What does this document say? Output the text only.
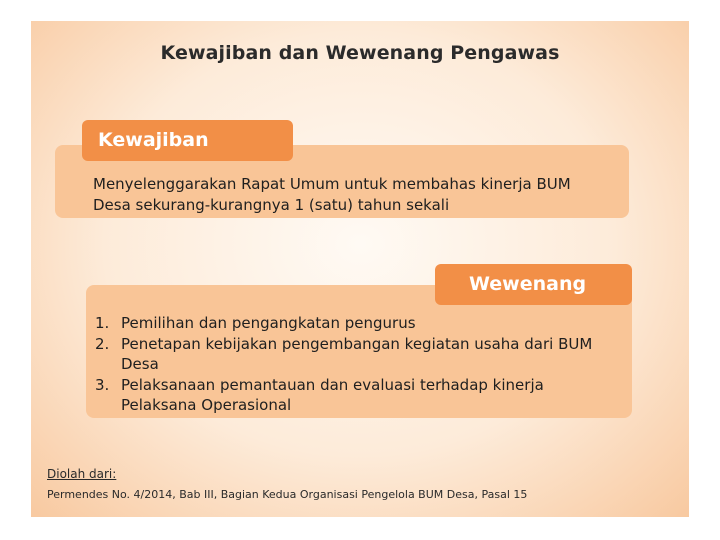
Kewajiban dan Wewenang Pengawas
Kewajiban
Menyelenggarakan Rapat Umum untuk membahas kinerja BUM Desa sekurang-kurangnya 1 (satu) tahun sekali
Wewenang
1. Pemilihan dan pengangkatan pengurus
2. Penetapan kebijakan pengembangan kegiatan usaha dari BUM Desa
3. Pelaksanaan pemantauan dan evaluasi terhadap kinerja Pelaksana Operasional
Diolah dari:
Permendes No. 4/2014, Bab III, Bagian Kedua Organisasi Pengelola BUM Desa, Pasal 15
